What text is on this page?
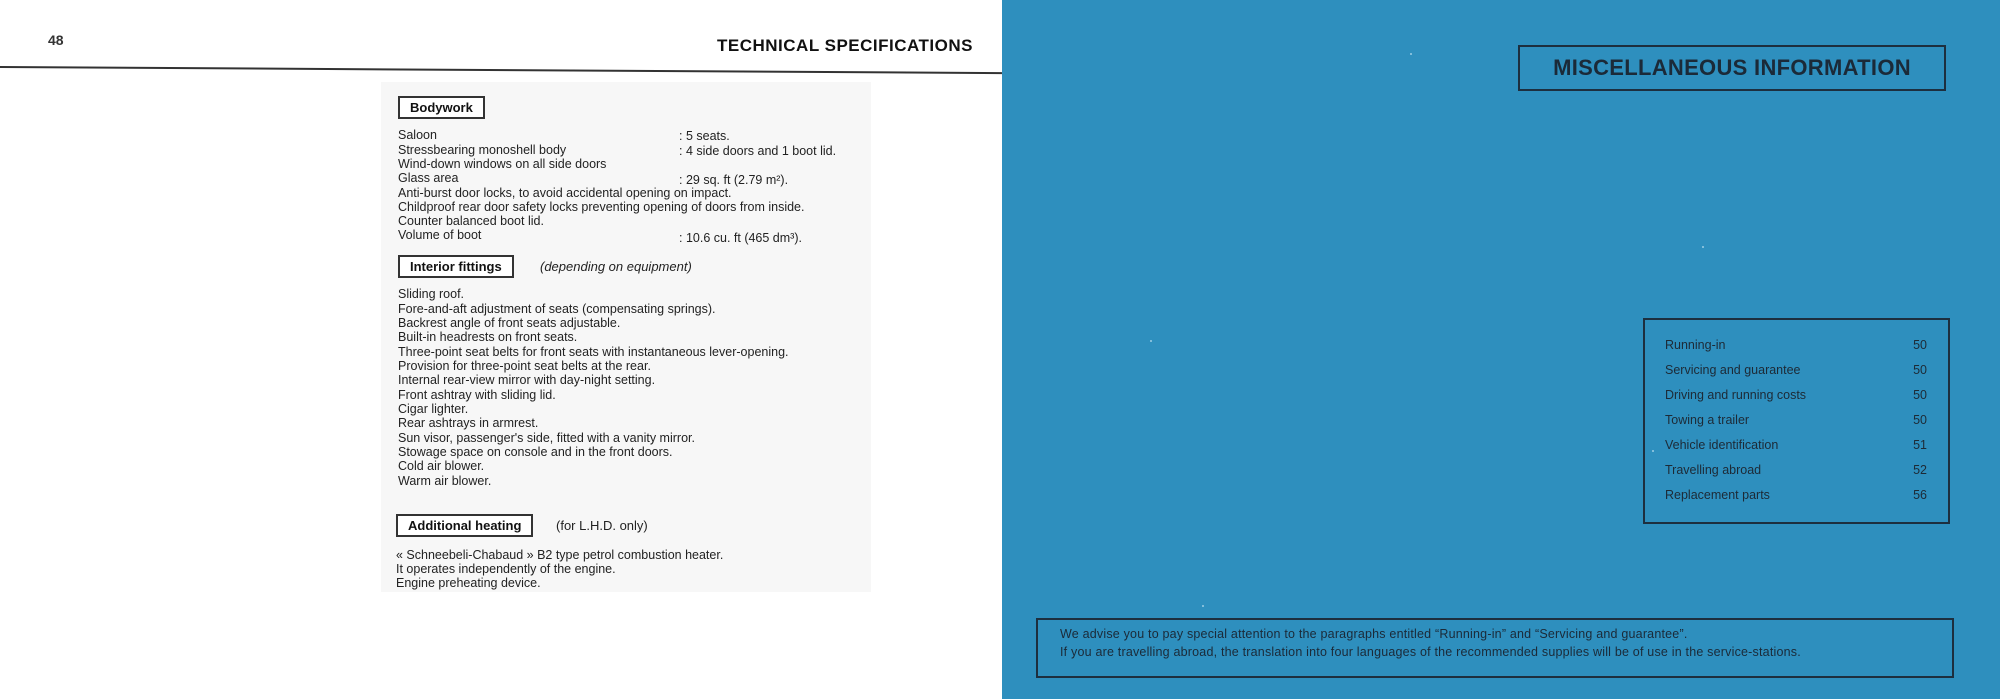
48	TECHNICAL SPECIFICATIONS
Bodywork
Saloon	: 5 seats.
Stressbearing monoshell body	: 4 side doors and 1 boot lid.
Wind-down windows on all side doors
Glass area	: 29 sq. ft (2.79 m²).
Anti-burst door locks, to avoid accidental opening on impact.
Childproof rear door safety locks preventing opening of doors from inside.
Counter balanced boot lid.
Volume of boot	: 10.6 cu. ft (465 dm³).
Interior fittings	(depending on equipment)
Sliding roof.
Fore-and-aft adjustment of seats (compensating springs).
Backrest angle of front seats adjustable.
Built-in headrests on front seats.
Three-point seat belts for front seats with instantaneous lever-opening.
Provision for three-point seat belts at the rear.
Internal rear-view mirror with day-night setting.
Front ashtray with sliding lid.
Cigar lighter.
Rear ashtrays in armrest.
Sun visor, passenger's side, fitted with a vanity mirror.
Stowage space on console and in the front doors.
Cold air blower.
Warm air blower.
Additional heating	(for L.H.D. only)
« Schneebeli-Chabaud » B2 type petrol combustion heater.
It operates independently of the engine.
Engine preheating device.
MISCELLANEOUS INFORMATION
Running-in	50
Servicing and guarantee	50
Driving and running costs	50
Towing a trailer	50
Vehicle identification	51
Travelling abroad	52
Replacement parts	56
We advise you to pay special attention to the paragraphs entitled “Running-in” and “Servicing and guarantee”.
If you are travelling abroad, the translation into four languages of the recommended supplies will be of use in the service-stations.
